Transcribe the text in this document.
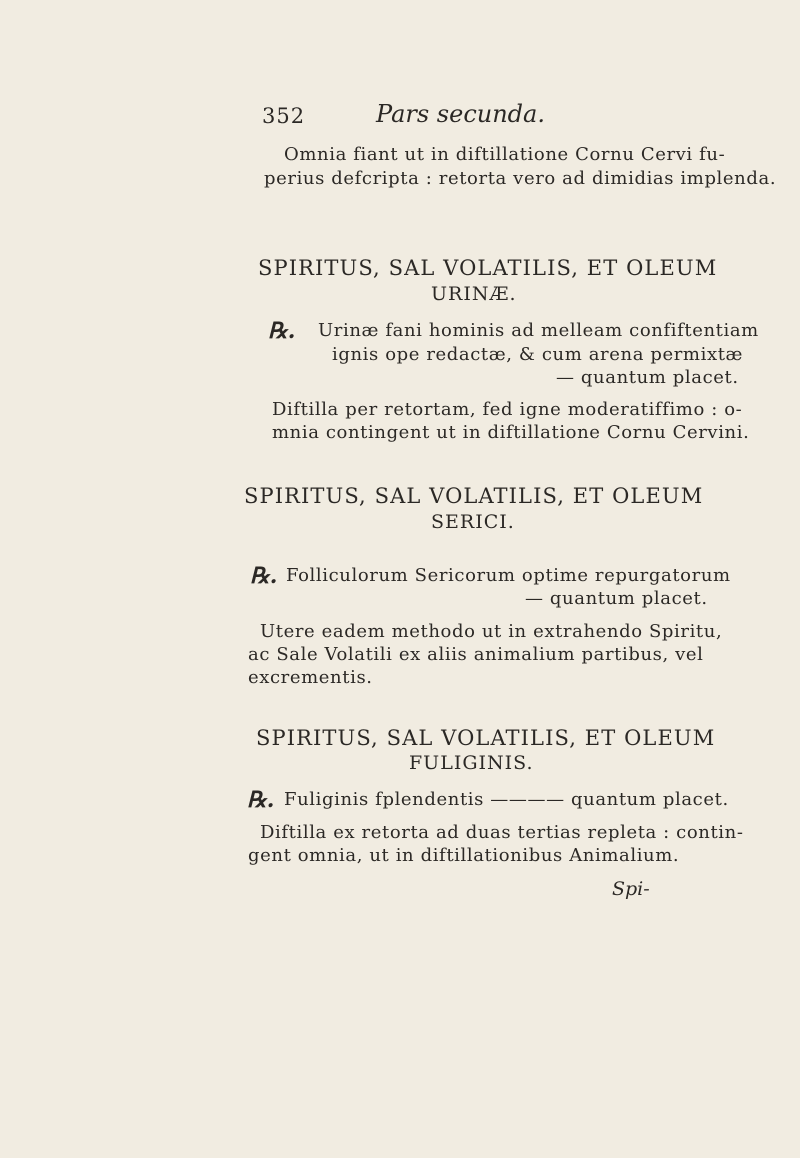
352	Pars secunda.
Omnia fiant ut in diftillatione Cornu Cervi fu-
perius defcripta : retorta vero ad dimidias implenda.
SPIRITUS, SAL VOLATILIS, ET OLEUM
URINÆ.
℞. Urinæ fani hominis ad melleam confiftentiam
ignis ope redactæ, & cum arena permixtæ
— quantum placet.
Diftilla per retortam, fed igne moderatiffimo : o-
mnia contingent ut in diftillatione Cornu Cervini.
SPIRITUS, SAL VOLATILIS, ET OLEUM
SERICI.
℞. Folliculorum Sericorum optime repurgatorum
— quantum placet.
Utere eadem methodo ut in extrahendo Spiritu,
ac Sale Volatili ex aliis animalium partibus, vel
excrementis.
SPIRITUS, SAL VOLATILIS, ET OLEUM
FULIGINIS.
℞. Fuliginis fplendentis ———— quantum placet.
Diftilla ex retorta ad duas tertias repleta : contin-
gent omnia, ut in diftillationibus Animalium.
Spi-
